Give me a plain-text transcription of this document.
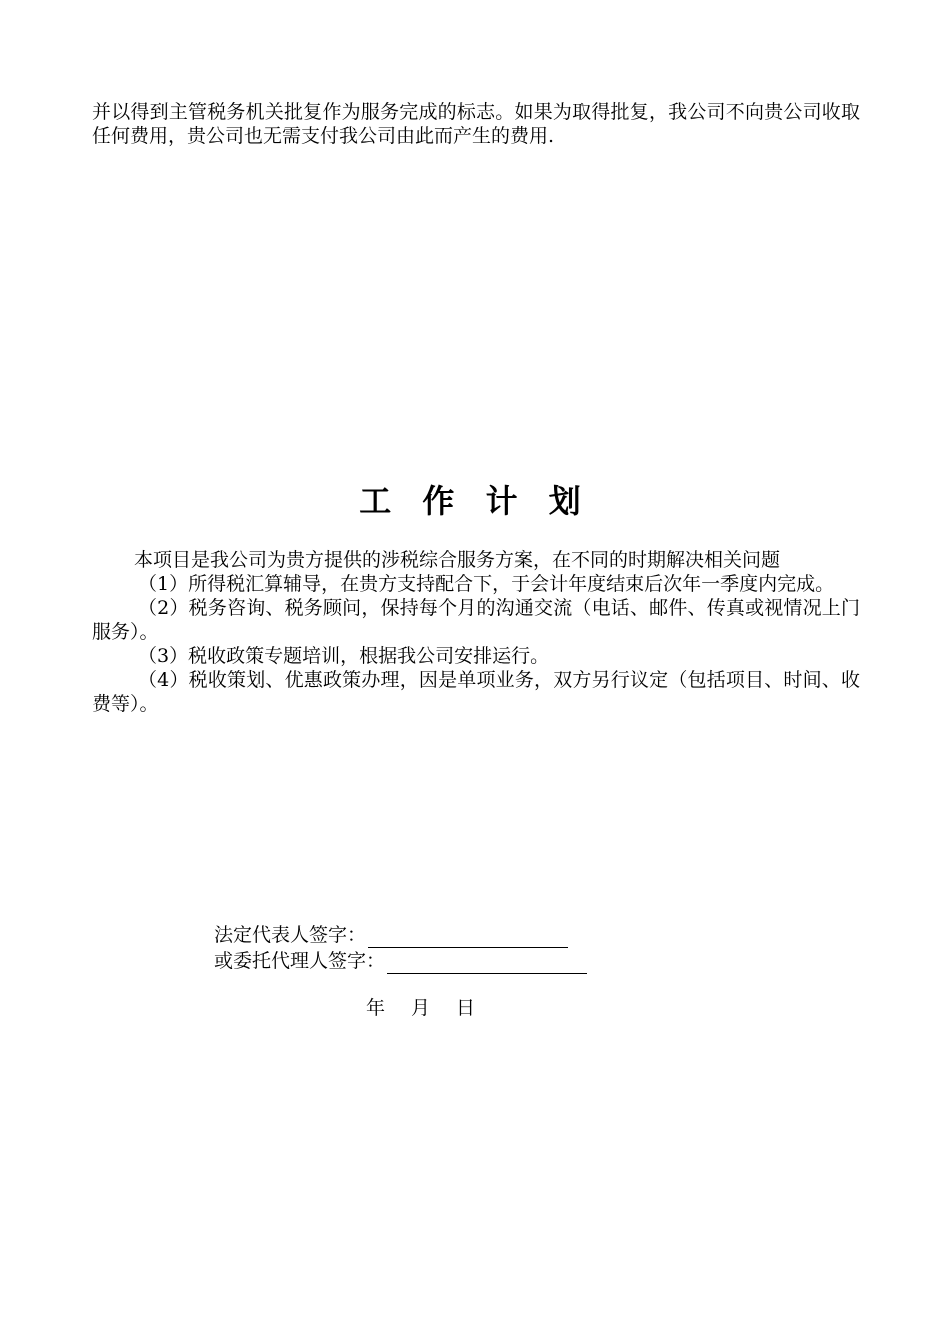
并以得到主管税务机关批复作为服务完成的标志。如果为取得批复，我公司不向贵公司收取任何费用，贵公司也无需支付我公司由此而产生的费用.

工 作 计 划

本项目是我公司为贵方提供的涉税综合服务方案，在不同的时期解决相关问题

（1）所得税汇算辅导，在贵方支持配合下，于会计年度结束后次年一季度内完成。

（2）税务咨询、税务顾问，保持每个月的沟通交流（电话、邮件、传真或视情况上门服务）。

（3）税收政策专题培训，根据我公司安排运行。

（4）税收策划、优惠政策办理，因是单项业务，双方另行议定（包括项目、时间、收费等）。

法定代表人签字：
或委托代理人签字：
年 月 日
